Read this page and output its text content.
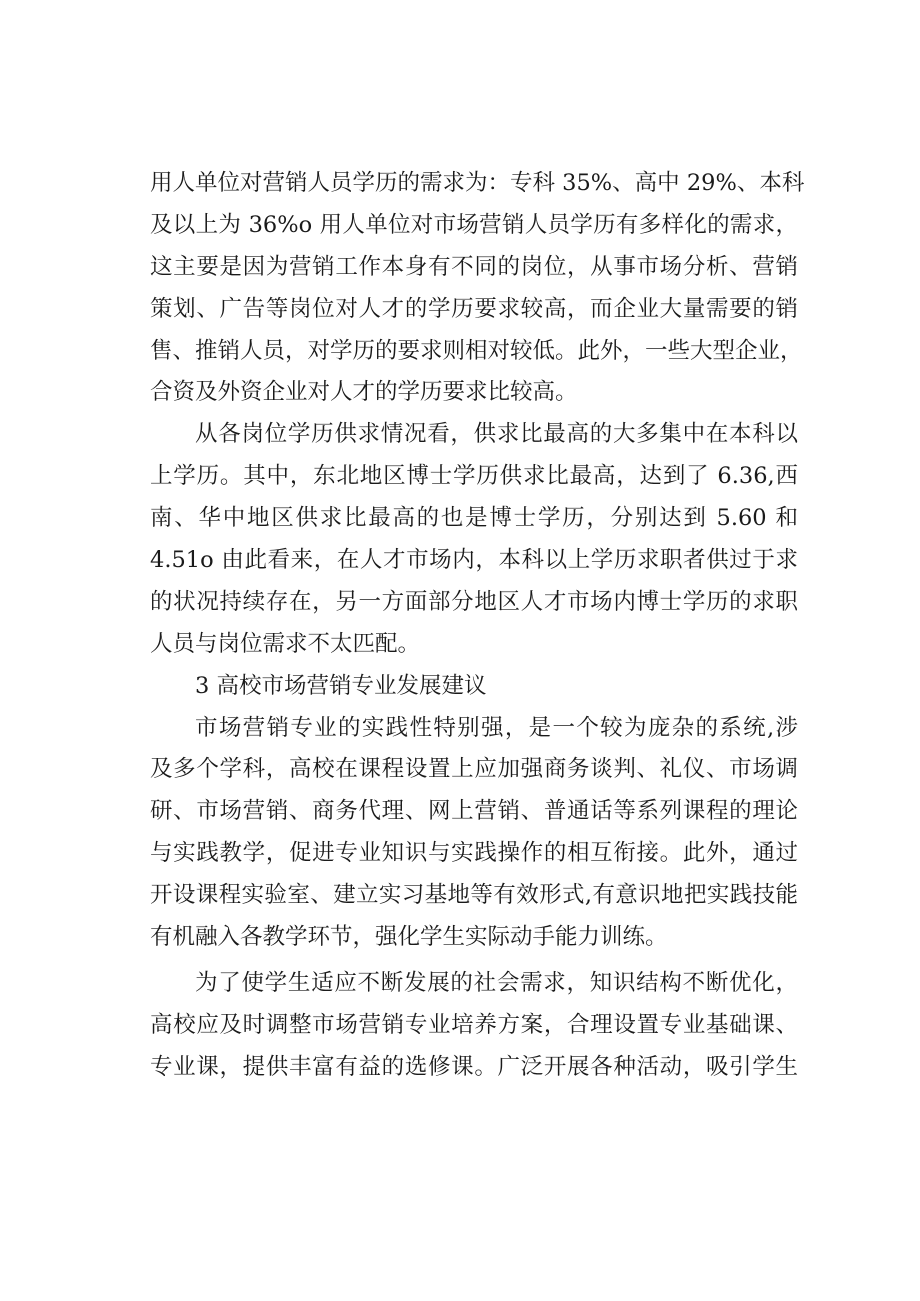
用人单位对营销人员学历的需求为：专科 35%、高中 29%、本科
及以上为 36%o 用人单位对市场营销人员学历有多样化的需求，
这主要是因为营销工作本身有不同的岗位，从事市场分析、营销
策划、广告等岗位对人才的学历要求较高，而企业大量需要的销
售、推销人员，对学历的要求则相对较低。此外，一些大型企业，
合资及外资企业对人才的学历要求比较高。
从各岗位学历供求情况看，供求比最高的大多集中在本科以
上学历。其中，东北地区博士学历供求比最高，达到了 6.36,西
南、华中地区供求比最高的也是博士学历，分别达到 5.60 和
4.51o 由此看来，在人才市场内，本科以上学历求职者供过于求
的状况持续存在，另一方面部分地区人才市场内博士学历的求职
人员与岗位需求不太匹配。
3 高校市场营销专业发展建议
市场营销专业的实践性特别强，是一个较为庞杂的系统,涉
及多个学科，高校在课程设置上应加强商务谈判、礼仪、市场调
研、市场营销、商务代理、网上营销、普通话等系列课程的理论
与实践教学，促进专业知识与实践操作的相互衔接。此外，通过
开设课程实验室、建立实习基地等有效形式,有意识地把实践技能
有机融入各教学环节，强化学生实际动手能力训练。
为了使学生适应不断发展的社会需求，知识结构不断优化，
高校应及时调整市场营销专业培养方案，合理设置专业基础课、
专业课，提供丰富有益的选修课。广泛开展各种活动，吸引学生
